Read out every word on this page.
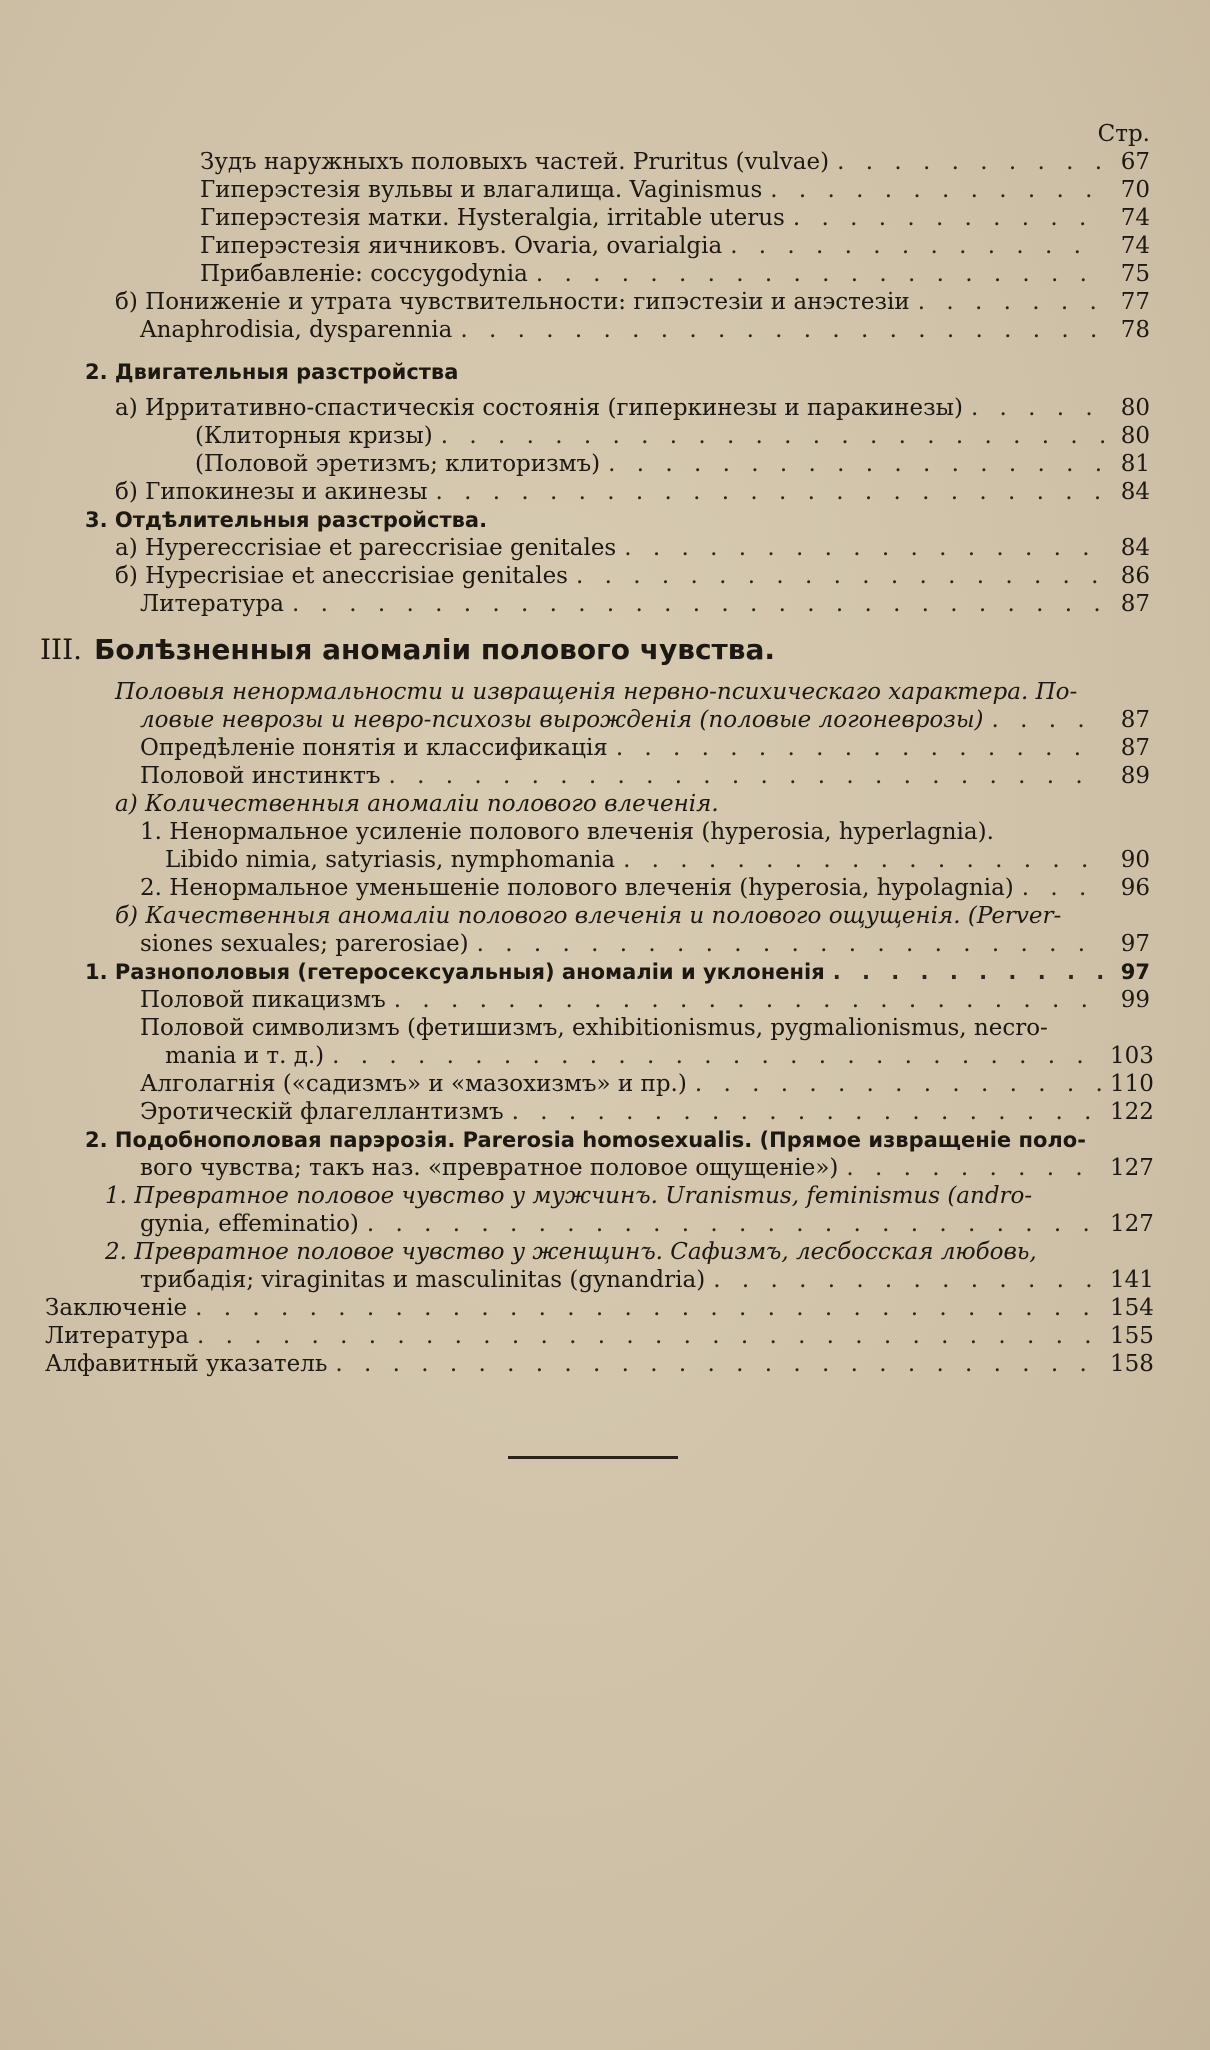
Стр.
Зудъ наружныхъ половыхъ частей. Pruritus (vulvae) . . .	67
Гиперэстезія вульвы и влагалища. Vaginismus . . .	70
Гиперэстезія матки. Hysteralgia, irritable uterus . . .	74
Гиперэстезія яичниковъ. Ovaria, ovarialgia . . .	74
Прибавленіе: coccygodynia . . .	75
б) Пониженіе и утрата чувствительности: гипэстезіи и анэстезіи . . .	77
Anaphrodisia, dysparennia . . .	78
2. Двигательныя разстройства
а) Ирритативно-спастическія состоянія (гиперкинезы и паракинезы) . . .	80
(Клиторныя кризы) . . .	80
(Половой эретизмъ; клиторизмъ) . . .	81
б) Гипокинезы и акинезы . . .	84
3. Отдѣлительныя разстройства.
а) Hypereccrisiae et pareccrisiae genitales . . .	84
б) Hypecrisiae et aneccrisiae genitales . . .	86
Литература . . .	87
III. Болѣзненныя аномаліи полового чувства.
Половыя ненормальности и извращенія нервно-психическаго характера. По-
ловые неврозы и невро-психозы вырожденія (половые логоневрозы) . . .	87
Опредѣленіе понятія и классификація . . .	87
Половой инстинктъ . . .	89
а) Количественныя аномаліи полового влеченія.
1. Ненормальное усиленіе полового влеченія (hyperosia, hyperlagnia).
Libido nimia, satyriasis, nymphomania . . .	90
2. Ненормальное уменьшеніе полового влеченія (hyperosia, hypolagnia) . . .	96
б) Качественныя аномаліи полового влеченія и полового ощущенія. (Perver-
siones sexuales; parerosiae) . . .	97
1. Разнополовыя (гетеросексуальныя) аномаліи и уклоненія . . .	97
Половой пикацизмъ . . .	99
Половой символизмъ (фетишизмъ, exhibitionismus, pygmalionismus, necro-
mania и т. д.) . . .	103
Алголагнія («садизмъ» и «мазохизмъ» и пр.) . . .	110
Эротическій флагеллантизмъ . . .	122
2. Подобнополовая парэрозія. Parerosia homosexualis. (Прямое извращеніе поло-
вого чувства; такъ наз. «превратное половое ощущеніе») . . .	127
1. Превратное половое чувство у мужчинъ. Uranismus, feminismus (andro-
gynia, effeminatio) . . .	127
2. Превратное половое чувство у женщинъ. Сафизмъ, лесбосская любовь,
трибадія; viraginitas и masculinitas (gynandria) . . .	141
Заключеніе . . .	154
Литература . . .	155
Алфавитный указатель . . .	158
